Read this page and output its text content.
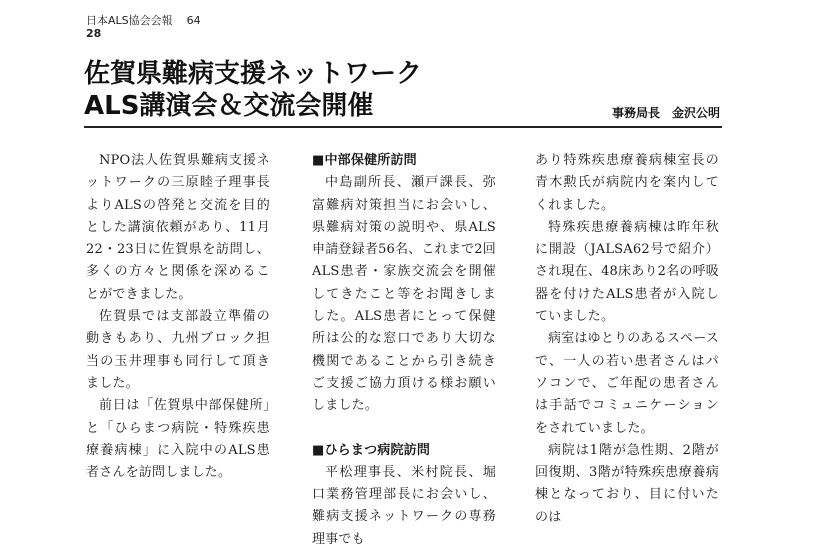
日本ALS協会会報 64
28
佐賀県難病支援ネットワーク
ALS講演会＆交流会開催	事務局長 金沢公明

NPO法人佐賀県難病支援ネットワークの三原睦子理事長よりALSの啓発と交流を目的とした講演依頼があり、11月22・23日に佐賀県を訪問し、多くの方々と関係を深めることができました。

佐賀県では支部設立準備の動きもあり、九州ブロック担当の玉井理事も同行して頂きました。

前日は「佐賀県中部保健所」と「ひらまつ病院・特殊疾患療養病棟」に入院中のALS患者さんを訪問しました。

■中部保健所訪問

中島副所長、瀬戸課長、弥富難病対策担当にお会いし、県難病対策の説明や、県ALS申請登録者56名、これまで2回ALS患者・家族交流会を開催してきたこと等をお聞きしました。ALS患者にとって保健所は公的な窓口であり大切な機関であることから引き続きご支援ご協力頂ける様お願いしました。

■ひらまつ病院訪問

平松理事長、米村院長、堀口業務管理部長にお会いし、難病支援ネットワークの専務理事でも

あり特殊疾患療養病棟室長の青木勲氏が病院内を案内してくれました。

特殊疾患療養病棟は昨年秋に開設（JALSA62号で紹介）され現在、48床あり2名の呼吸器を付けたALS患者が入院していました。

病室はゆとりのあるスペースで、一人の若い患者さんはパソコンで、ご年配の患者さんは手話でコミュニケーションをされていました。

病院は1階が急性期、2階が回復期、3階が特殊疾患療養病棟となっており、目に付いたのは
